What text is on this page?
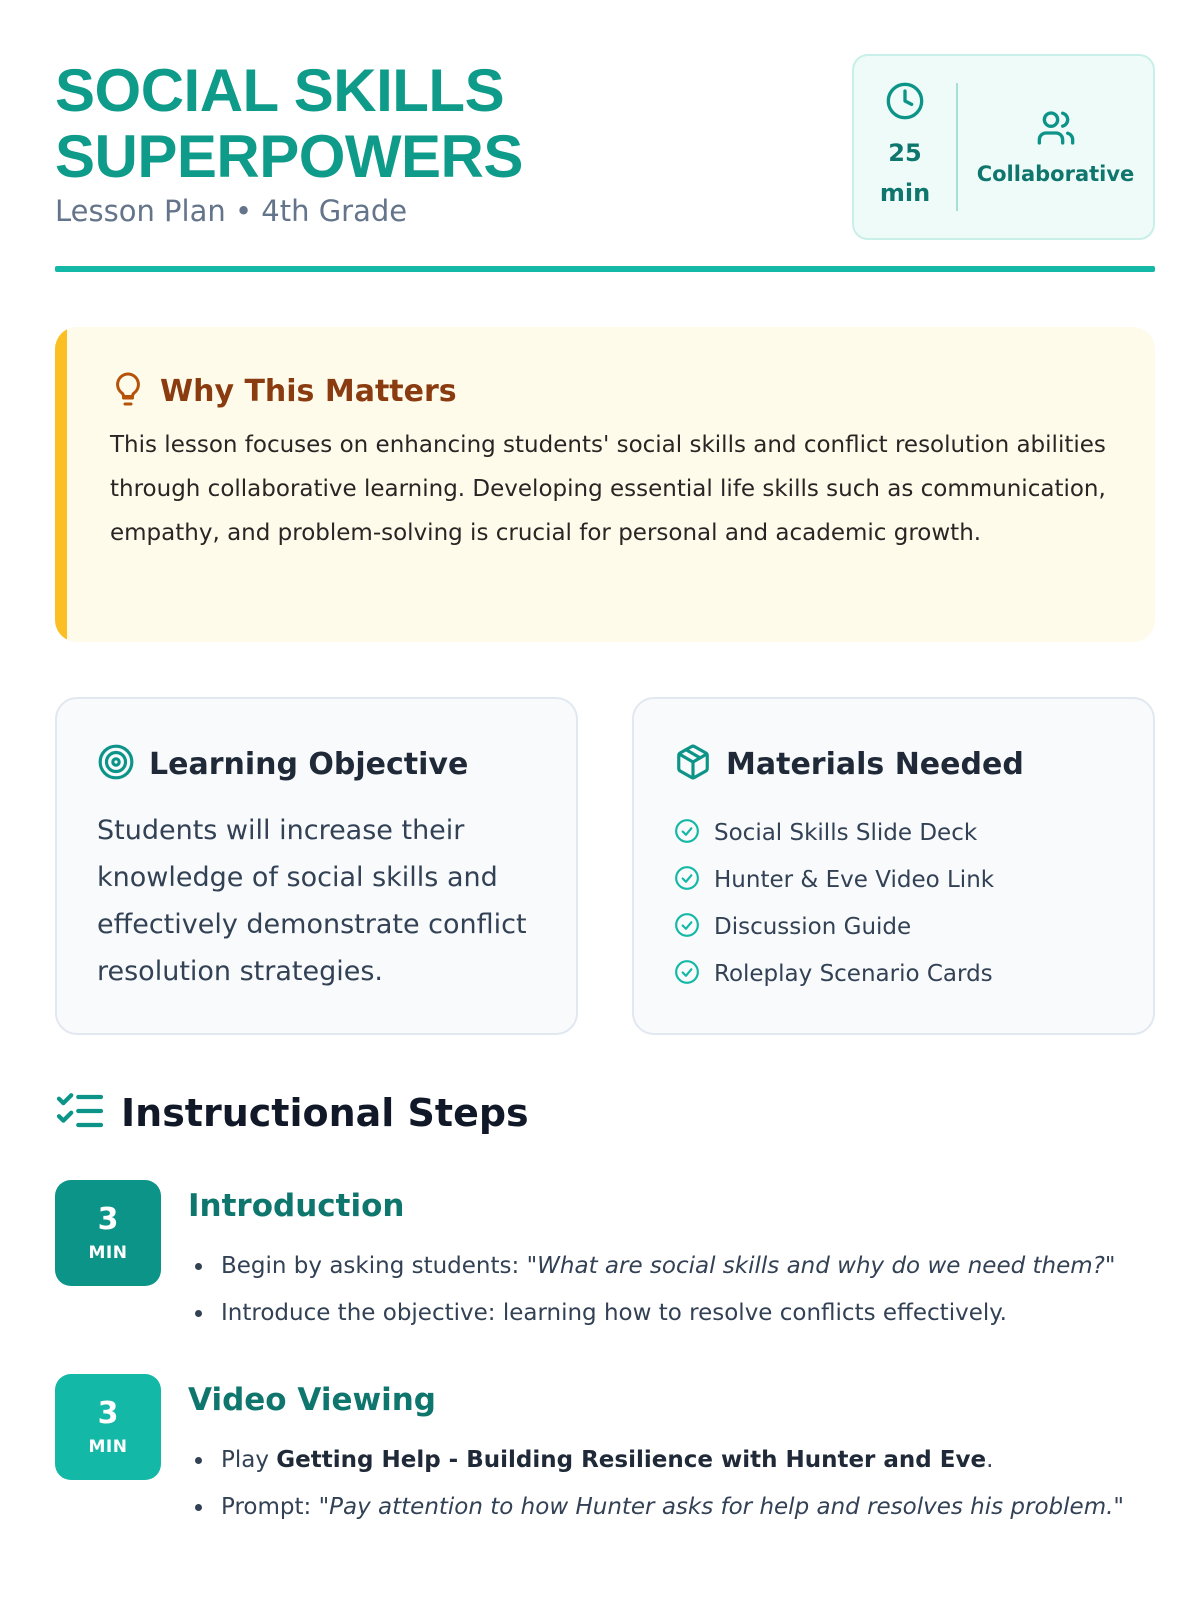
SOCIAL SKILLS
SUPERPOWERS
Lesson Plan • 4th Grade
25
min
Collaborative
Why This Matters

This lesson focuses on enhancing students' social skills and conflict resolution abilities through collaborative learning. Developing essential life skills such as communication, empathy, and problem-solving is crucial for personal and academic growth.

Learning Objective

Students will increase their knowledge of social skills and effectively demonstrate conflict resolution strategies.

Materials Needed
Social Skills Slide Deck
Hunter & Eve Video Link
Discussion Guide
Roleplay Scenario Cards
Instructional Steps
3
MIN
Introduction
Begin by asking students: "What are social skills and why do we need them?"
Introduce the objective: learning how to resolve conflicts effectively.
3
MIN
Video Viewing
Play Getting Help - Building Resilience with Hunter and Eve.
Prompt: "Pay attention to how Hunter asks for help and resolves his problem."
